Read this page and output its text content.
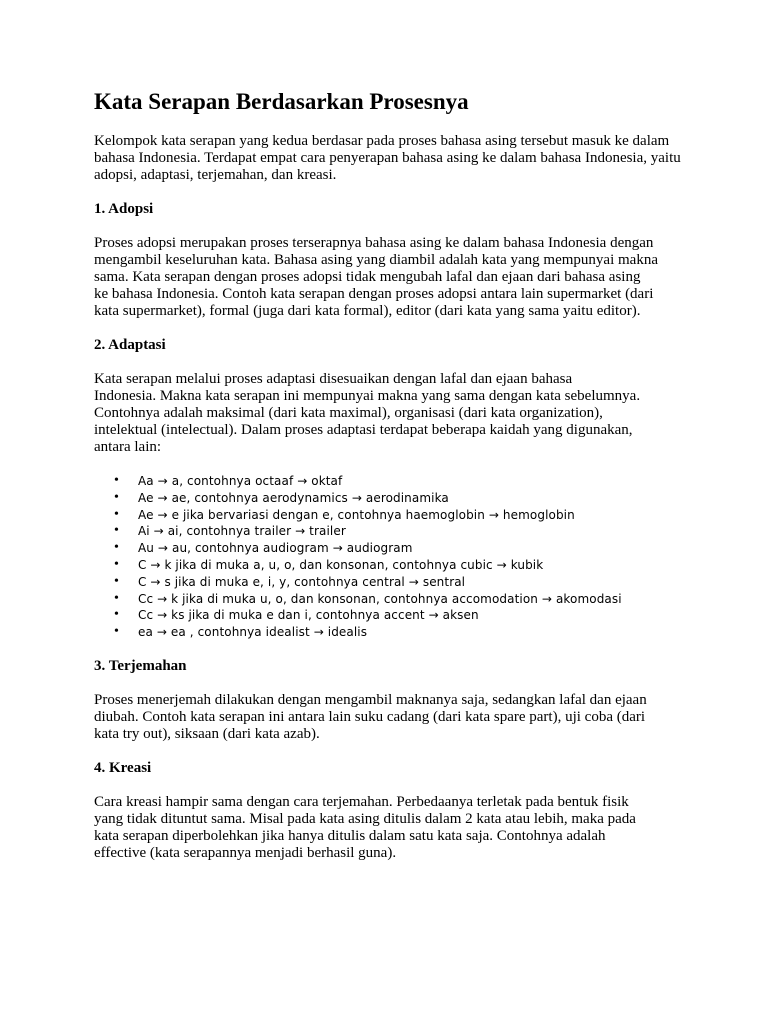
Kata Serapan Berdasarkan Prosesnya

Kelompok kata serapan yang kedua berdasar pada proses bahasa asing tersebut masuk ke dalam bahasa Indonesia. Terdapat empat cara penyerapan bahasa asing ke dalam bahasa Indonesia, yaitu adopsi, adaptasi, terjemahan, dan kreasi.

1. Adopsi

Proses adopsi merupakan proses terserapnya bahasa asing ke dalam bahasa Indonesia dengan

mengambil keseluruhan kata. Bahasa asing yang diambil adalah kata yang mempunyai makna

sama. Kata serapan dengan proses adopsi tidak mengubah lafal dan ejaan dari bahasa asing

ke bahasa Indonesia. Contoh kata serapan dengan proses adopsi antara lain supermarket (dari

kata supermarket), formal (juga dari kata formal), editor (dari kata yang sama yaitu editor).

2. Adaptasi

Kata serapan melalui proses adaptasi disesuaikan dengan lafal dan ejaan bahasa

Indonesia. Makna kata serapan ini mempunyai makna yang sama dengan kata sebelumnya.

Contohnya adalah maksimal (dari kata maximal), organisasi (dari kata organization),

intelektual (intelectual). Dalam proses adaptasi terdapat beberapa kaidah yang digunakan,

antara lain:

• Aa → a, contohnya octaaf → oktaf
• Ae → ae, contohnya aerodynamics → aerodinamika
• Ae → e jika bervariasi dengan e, contohnya haemoglobin → hemoglobin
• Ai → ai, contohnya trailer → trailer
• Au → au, contohnya audiogram → audiogram
• C → k jika di muka a, u, o, dan konsonan, contohnya cubic → kubik
• C → s jika di muka e, i, y, contohnya central → sentral
• Cc → k jika di muka u, o, dan konsonan, contohnya accomodation → akomodasi
• Cc → ks jika di muka e dan i, contohnya accent → aksen
• ea → ea , contohnya idealist → idealis
3. Terjemahan

Proses menerjemah dilakukan dengan mengambil maknanya saja, sedangkan lafal dan ejaan

diubah. Contoh kata serapan ini antara lain suku cadang (dari kata spare part), uji coba (dari

kata try out), siksaan (dari kata azab).

4. Kreasi

Cara kreasi hampir sama dengan cara terjemahan. Perbedaanya terletak pada bentuk fisik

yang tidak dituntut sama. Misal pada kata asing ditulis dalam 2 kata atau lebih, maka pada

kata serapan diperbolehkan jika hanya ditulis dalam satu kata saja. Contohnya adalah

effective (kata serapannya menjadi berhasil guna).
